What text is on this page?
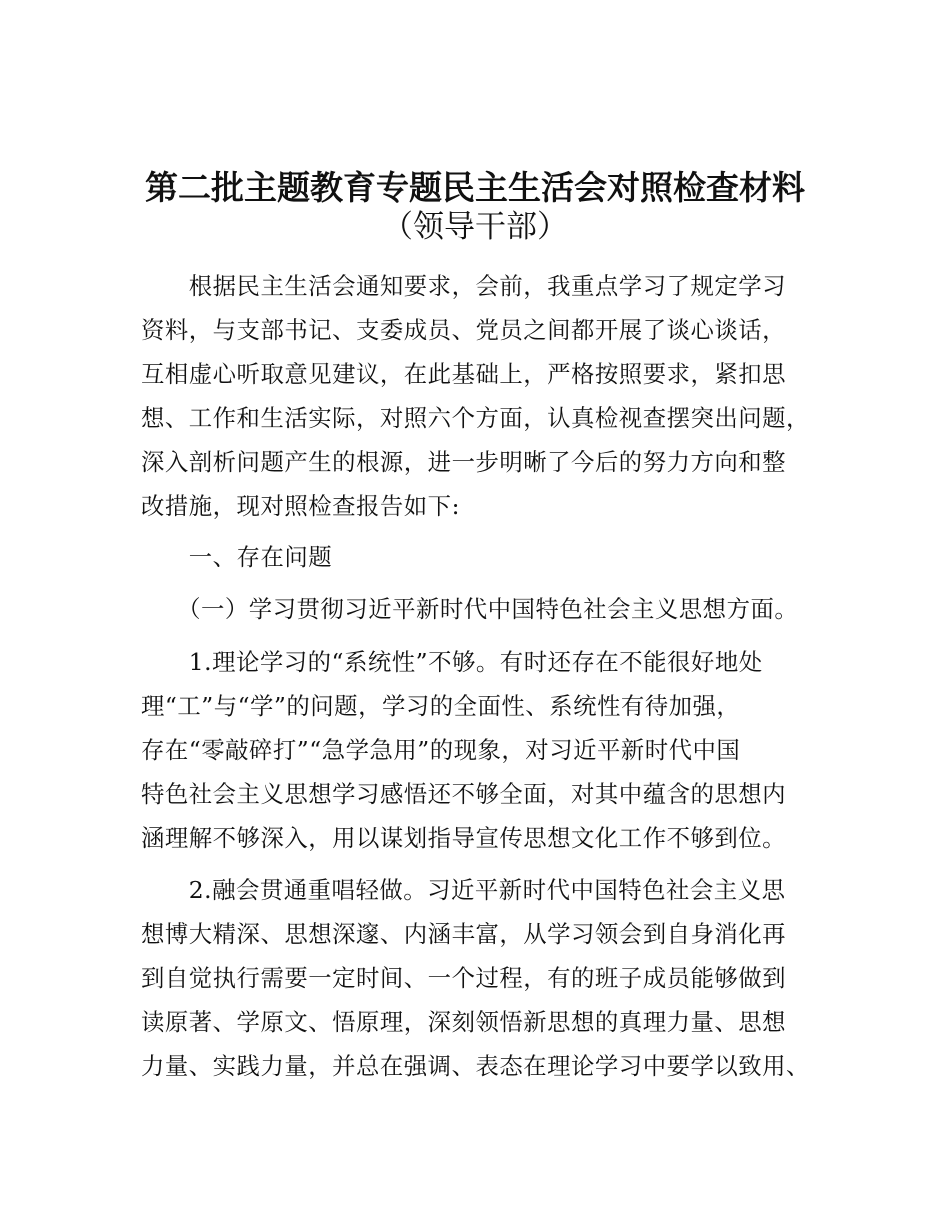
第二批主题教育专题民主生活会对照检查材料
（领导干部）

　　根据民主生活会通知要求，会前，我重点学习了规定学习

资料，与支部书记、支委成员、党员之间都开展了谈心谈话，

互相虚心听取意见建议，在此基础上，严格按照要求，紧扣思

想、工作和生活实际，对照六个方面，认真检视查摆突出问题，

深入剖析问题产生的根源，进一步明晰了今后的努力方向和整

改措施，现对照检查报告如下:

　　一、存在问题

　　（一）学习贯彻习近平新时代中国特色社会主义思想方面。

　　1.理论学习的“系统性”不够。有时还存在不能很好地处

理“工”与“学”的问题，学习的全面性、系统性有待加强，

存在“零敲碎打”“急学急用”的现象，对习近平新时代中国

特色社会主义思想学习感悟还不够全面，对其中蕴含的思想内

涵理解不够深入，用以谋划指导宣传思想文化工作不够到位。

　　2.融会贯通重唱轻做。习近平新时代中国特色社会主义思

想博大精深、思想深邃、内涵丰富，从学习领会到自身消化再

到自觉执行需要一定时间、一个过程，有的班子成员能够做到

读原著、学原文、悟原理，深刻领悟新思想的真理力量、思想

力量、实践力量，并总在强调、表态在理论学习中要学以致用、
